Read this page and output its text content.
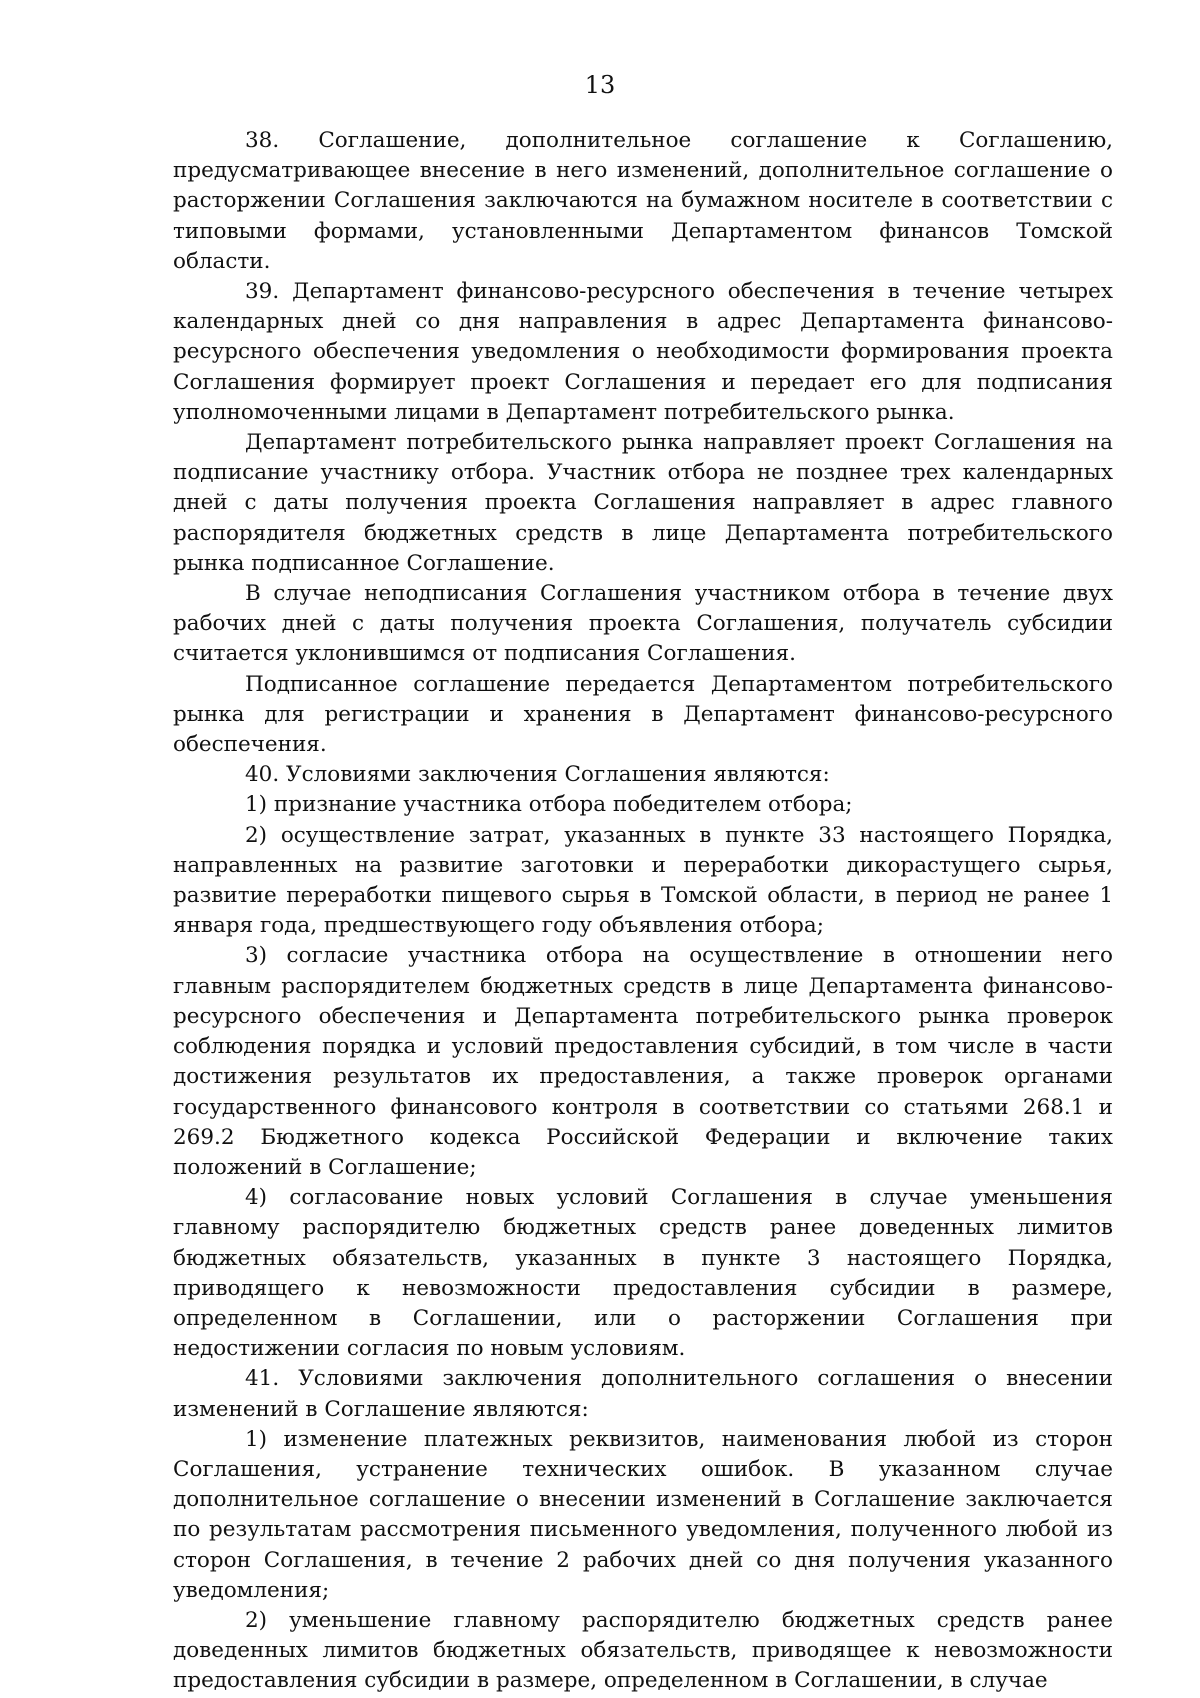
13

38. Соглашение, дополнительное соглашение к Соглашению, предусматривающее внесение в него изменений, дополнительное соглашение о расторжении Соглашения заключаются на бумажном носителе в соответствии с типовыми формами, установленными Департаментом финансов Томской области.

39. Департамент финансово-ресурсного обеспечения в течение четырех календарных дней со дня направления в адрес Департамента финансово-ресурсного обеспечения уведомления о необходимости формирования проекта Соглашения формирует проект Соглашения и передает его для подписания уполномоченными лицами в Департамент потребительского рынка.

Департамент потребительского рынка направляет проект Соглашения на подписание участнику отбора. Участник отбора не позднее трех календарных дней с даты получения проекта Соглашения направляет в адрес главного распорядителя бюджетных средств в лице Департамента потребительского рынка подписанное Соглашение.

В случае неподписания Соглашения участником отбора в течение двух рабочих дней с даты получения проекта Соглашения, получатель субсидии считается уклонившимся от подписания Соглашения.

Подписанное соглашение передается Департаментом потребительского рынка для регистрации и хранения в Департамент финансово-ресурсного обеспечения.

40. Условиями заключения Соглашения являются:

1) признание участника отбора победителем отбора;

2) осуществление затрат, указанных в пункте 33 настоящего Порядка, направленных на развитие заготовки и переработки дикорастущего сырья, развитие переработки пищевого сырья в Томской области, в период не ранее 1 января года, предшествующего году объявления отбора;

3) согласие участника отбора на осуществление в отношении него главным распорядителем бюджетных средств в лице Департамента финансово-ресурсного обеспечения и Департамента потребительского рынка проверок соблюдения порядка и условий предоставления субсидий, в том числе в части достижения результатов их предоставления, а также проверок органами государственного финансового контроля в соответствии со статьями 268.1 и 269.2 Бюджетного кодекса Российской Федерации и включение таких положений в Соглашение;

4) согласование новых условий Соглашения в случае уменьшения главному распорядителю бюджетных средств ранее доведенных лимитов бюджетных обязательств, указанных в пункте 3 настоящего Порядка, приводящего к невозможности предоставления субсидии в размере, определенном в Соглашении, или о расторжении Соглашения при недостижении согласия по новым условиям.

41. Условиями заключения дополнительного соглашения о внесении изменений в Соглашение являются:

1) изменение платежных реквизитов, наименования любой из сторон Соглашения, устранение технических ошибок. В указанном случае дополнительное соглашение о внесении изменений в Соглашение заключается по результатам рассмотрения письменного уведомления, полученного любой из сторон Соглашения, в течение 2 рабочих дней со дня получения указанного уведомления;

2) уменьшение главному распорядителю бюджетных средств ранее доведенных лимитов бюджетных обязательств, приводящее к невозможности предоставления субсидии в размере, определенном в Соглашении, в случае
